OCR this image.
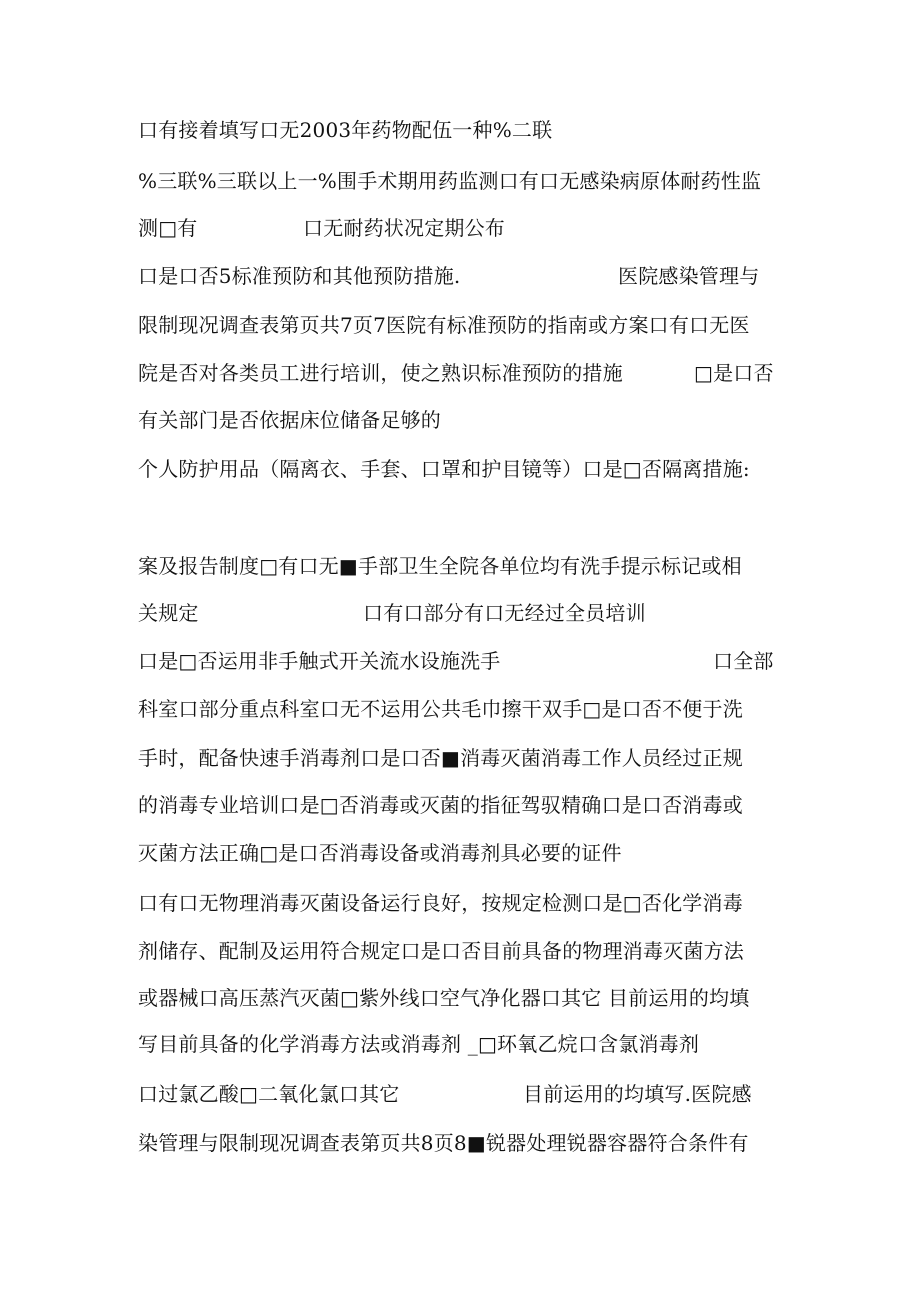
口有接着填写口无2003年药物配伍一种%二联
%三联%三联以上一%围手术期用药监测口有口无感染病原体耐药性监
测□有	口无耐药状况定期公布
口是口否5标准预防和其他预防措施.	医院感染管理与
限制现况调查表第页共7页7医院有标准预防的指南或方案口有口无医
院是否对各类员工进行培训，使之熟识标准预防的措施	□是口否
有关部门是否依据床位储备足够的
个人防护用品（隔离衣、手套、口罩和护目镜等）口是□否隔离措施:
案及报告制度□有口无■手部卫生全院各单位均有洗手提示标记或相
关规定	口有口部分有口无经过全员培训
口是□否运用非手触式开关流水设施洗手	口全部
科室口部分重点科室口无不运用公共毛巾擦干双手□是口否不便于洗
手时，配备快速手消毒剂口是口否■消毒灭菌消毒工作人员经过正规
的消毒专业培训口是□否消毒或灭菌的指征驾驭精确口是口否消毒或
灭菌方法正确□是口否消毒设备或消毒剂具必要的证件
口有口无物理消毒灭菌设备运行良好，按规定检测口是□否化学消毒
剂储存、配制及运用符合规定口是口否目前具备的物理消毒灭菌方法
或器械口高压蒸汽灭菌□紫外线口空气净化器口其它 目前运用的均填
写目前具备的化学消毒方法或消毒剂 _□环氧乙烷口含氯消毒剂
口过氯乙酸□二氧化氯口其它	目前运用的均填写.医院感
染管理与限制现况调查表第页共8页8■锐器处理锐器容器符合条件有
